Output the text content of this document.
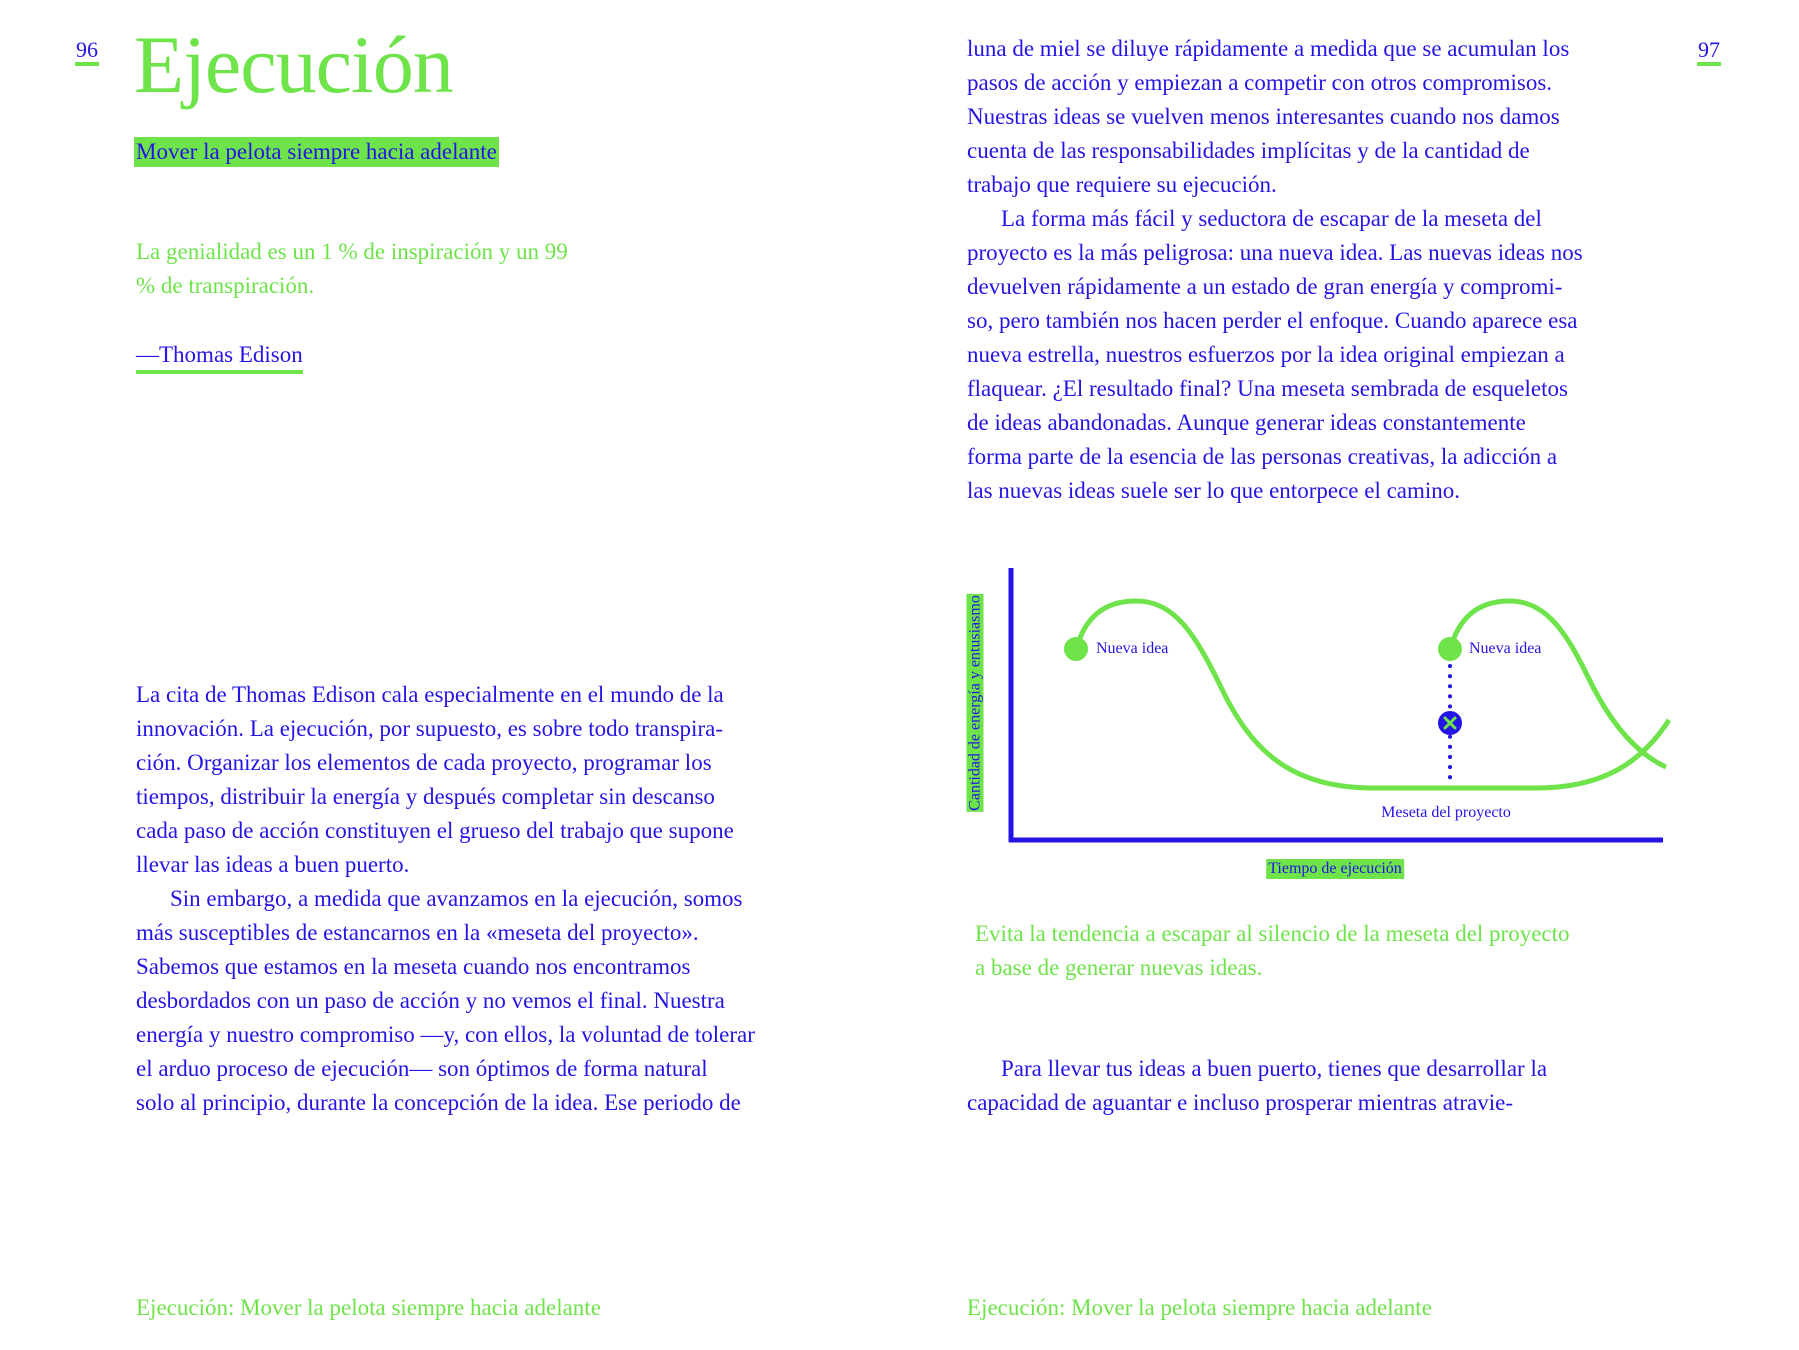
96 Ejecución
Mover la pelota siempre hacia adelante
La genialidad es un 1 % de inspiración y un 99
% de transpiración.
—Thomas Edison
La cita de Thomas Edison cala especialmente en el mundo de la
innovación. La ejecución, por supuesto, es sobre todo transpira-
ción. Organizar los elementos de cada proyecto, programar los
tiempos, distribuir la energía y después completar sin descanso
cada paso de acción constituyen el grueso del trabajo que supone
llevar las ideas a buen puerto.
Sin embargo, a medida que avanzamos en la ejecución, somos
más susceptibles de estancarnos en la «meseta del proyecto».
Sabemos que estamos en la meseta cuando nos encontramos
desbordados con un paso de acción y no vemos el final. Nuestra
energía y nuestro compromiso —y, con ellos, la voluntad de tolerar
el arduo proceso de ejecución— son óptimos de forma natural
solo al principio, durante la concepción de la idea. Ese periodo de
Ejecución: Mover la pelota siempre hacia adelante
97
luna de miel se diluye rápidamente a medida que se acumulan los
pasos de acción y empiezan a competir con otros compromisos.
Nuestras ideas se vuelven menos interesantes cuando nos damos
cuenta de las responsabilidades implícitas y de la cantidad de
trabajo que requiere su ejecución.
La forma más fácil y seductora de escapar de la meseta del
proyecto es la más peligrosa: una nueva idea. Las nuevas ideas nos
devuelven rápidamente a un estado de gran energía y compromi-
so, pero también nos hacen perder el enfoque. Cuando aparece esa
nueva estrella, nuestros esfuerzos por la idea original empiezan a
flaquear. ¿El resultado final? Una meseta sembrada de esqueletos
de ideas abandonadas. Aunque generar ideas constantemente
forma parte de la esencia de las personas creativas, la adicción a
las nuevas ideas suele ser lo que entorpece el camino.
Nueva idea	Nueva idea
Meseta del proyecto
Cantidad de energía y entusiasmo
Tiempo de ejecución
Evita la tendencia a escapar al silencio de la meseta del proyecto
a base de generar nuevas ideas.
Para llevar tus ideas a buen puerto, tienes que desarrollar la
capacidad de aguantar e incluso prosperar mientras atravie-
Ejecución: Mover la pelota siempre hacia adelante
